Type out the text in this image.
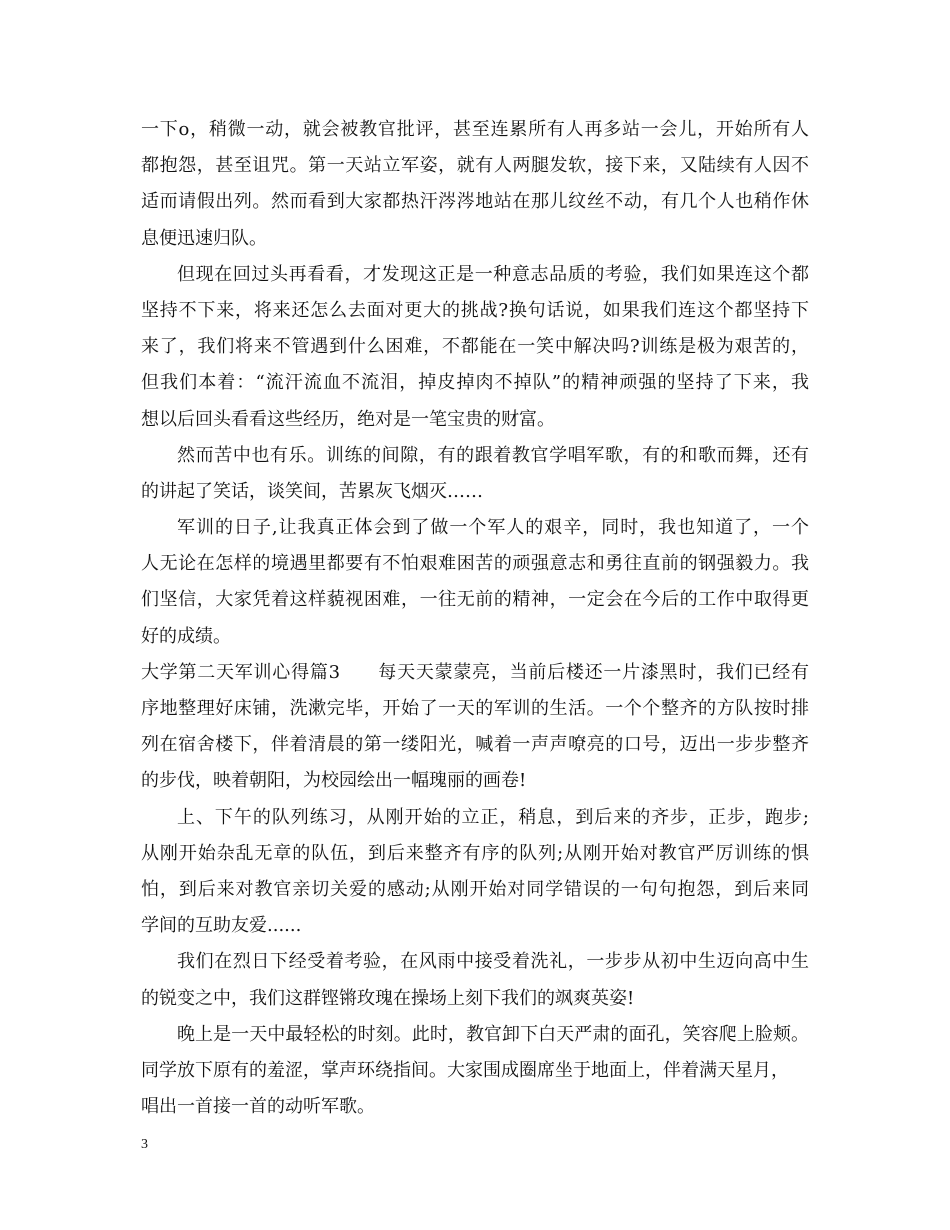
一下o，稍微一动，就会被教官批评，甚至连累所有人再多站一会儿，开始所有人
都抱怨，甚至诅咒。第一天站立军姿，就有人两腿发软，接下来，又陆续有人因不
适而请假出列。然而看到大家都热汗涔涔地站在那儿纹丝不动，有几个人也稍作休
息便迅速归队。
但现在回过头再看看，才发现这正是一种意志品质的考验，我们如果连这个都
坚持不下来，将来还怎么去面对更大的挑战?换句话说，如果我们连这个都坚持下
来了，我们将来不管遇到什么困难，不都能在一笑中解决吗?训练是极为艰苦的，
但我们本着：“流汗流血不流泪，掉皮掉肉不掉队”的精神顽强的坚持了下来，我
想以后回头看看这些经历，绝对是一笔宝贵的财富。
然而苦中也有乐。训练的间隙，有的跟着教官学唱军歌，有的和歌而舞，还有
的讲起了笑话，谈笑间，苦累灰飞烟灭……
军训的日子,让我真正体会到了做一个军人的艰辛，同时，我也知道了，一个
人无论在怎样的境遇里都要有不怕艰难困苦的顽强意志和勇往直前的钢强毅力。我
们坚信，大家凭着这样藐视困难，一往无前的精神，一定会在今后的工作中取得更
好的成绩。
大学第二天军训心得篇3　　每天天蒙蒙亮，当前后楼还一片漆黑时，我们已经有
序地整理好床铺，洗漱完毕，开始了一天的军训的生活。一个个整齐的方队按时排
列在宿舍楼下，伴着清晨的第一缕阳光，喊着一声声嘹亮的口号，迈出一步步整齐
的步伐，映着朝阳，为校园绘出一幅瑰丽的画卷!
上、下午的队列练习，从刚开始的立正，稍息，到后来的齐步，正步，跑步;
从刚开始杂乱无章的队伍，到后来整齐有序的队列;从刚开始对教官严厉训练的惧
怕，到后来对教官亲切关爱的感动;从刚开始对同学错误的一句句抱怨，到后来同
学间的互助友爱......
我们在烈日下经受着考验，在风雨中接受着洗礼，一步步从初中生迈向高中生
的锐变之中，我们这群铿锵玫瑰在操场上刻下我们的飒爽英姿!
晚上是一天中最轻松的时刻。此时，教官卸下白天严肃的面孔，笑容爬上脸颊。
同学放下原有的羞涩，掌声环绕指间。大家围成圈席坐于地面上，伴着满天星月，
唱出一首接一首的动听军歌。
3
